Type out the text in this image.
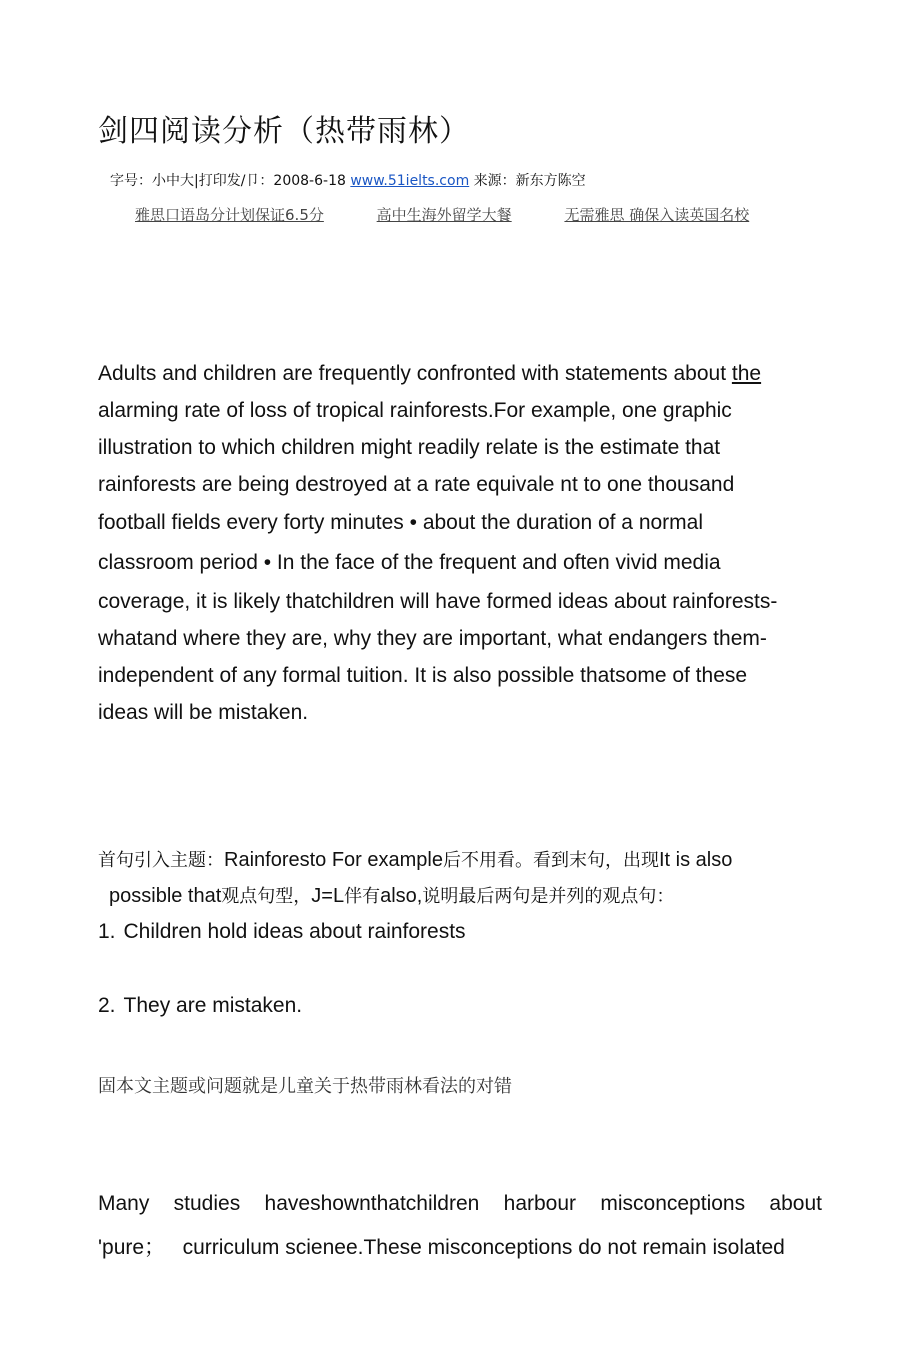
剑四阅读分析（热带雨林）
字号：小中大|打印发/卩：2008-6-18 www.51ielts.com 来源：新东方陈空
雅思口语岛分计划保证6.5分	高中生海外留学大餐	无需雅思 确保入读英国名校
Adults and children are frequently confronted with statements about the
alarming rate of loss of tropical rainforests.For example, one graphic
illustration to which children might readily relate is the estimate that
rainforests are being destroyed at a rate equivale nt to one thousand
football fields every forty minutes • about the duration of a normal
classroom period • In the face of the frequent and often vivid media
coverage, it is likely thatchildren will have formed ideas about rainforests-
whatand where they are, why they are important, what endangers them-
independent of any formal tuition. It is also possible thatsome of these
ideas will be mistaken.
首句引入主题：Rainforesto For example后不用看。看到末句，出现It is also
possible that观点句型，J=L伴有also,说明最后两句是并列的观点句：
1. Children hold ideas about rainforests
2. They are mistaken.
固本文主题或问题就是儿童关于热带雨林看法的对错
Many studies haveshownthatchildren harbour misconceptions about
'pure； curriculum scienee.These misconceptions do not remain isolated
